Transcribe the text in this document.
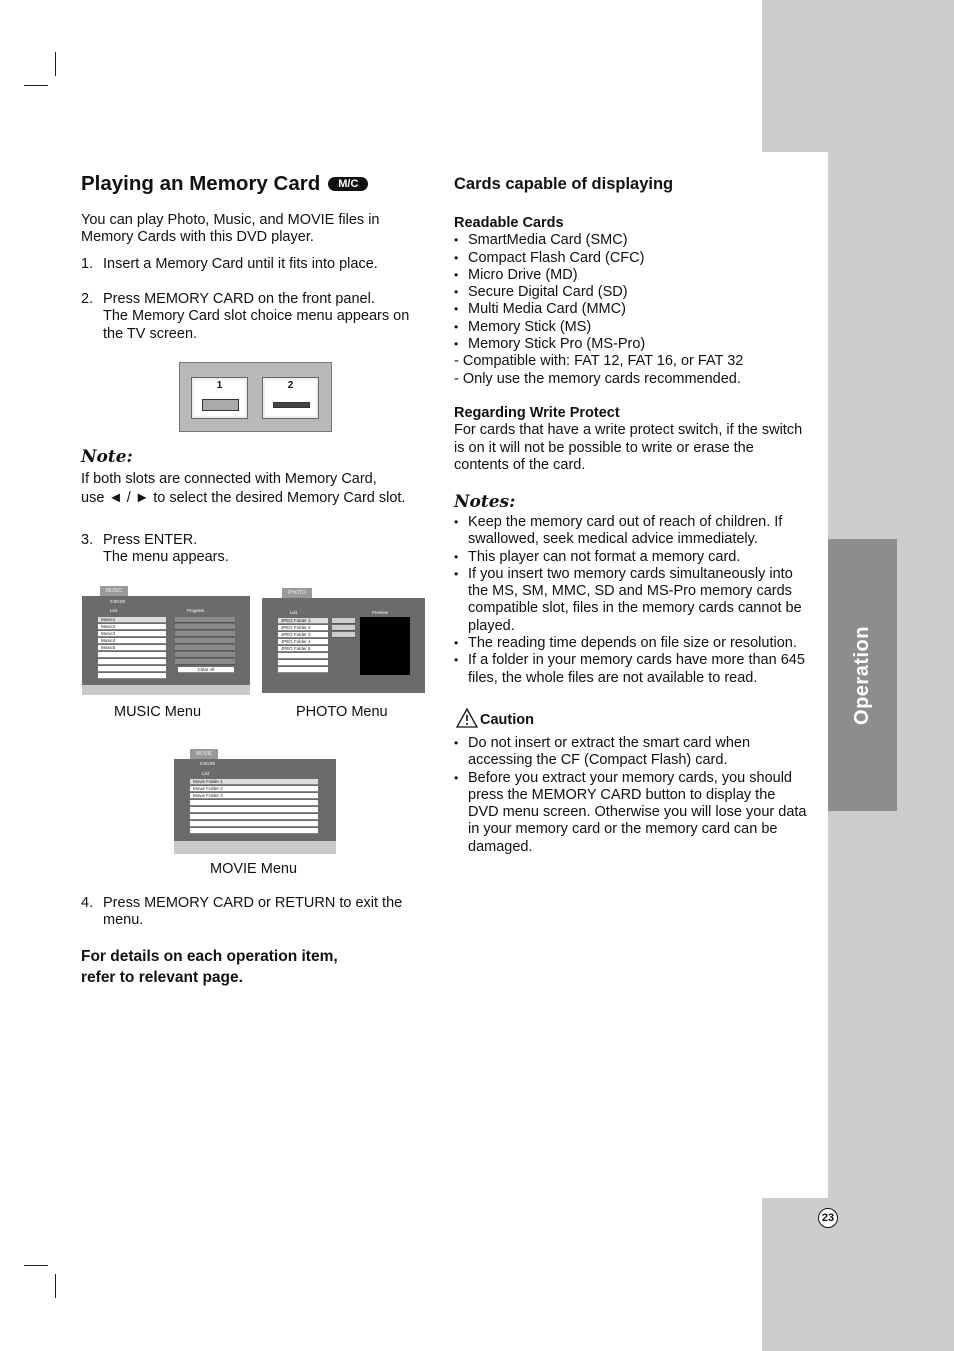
Operation
23
Playing an Memory Card	M/C
You can play Photo, Music, and MOVIE files in Memory Cards with this DVD player.
1. Insert a Memory Card until it fits into place.
2. Press MEMORY CARD on the front panel.
The Memory Card slot choice menu appears on the TV screen.
1	2
Note:
If both slots are connected with Memory Card,
use ◄ / ► to select the desired Memory Card slot.
3. Press ENTER.
The menu appears.
MUSIC
0:00:00
List	Program
Music1
Music2
Music3
Music4
Music5
Clear All
PHOTO
List	Preview
JPEG Folder 1
JPEG Folder 2
JPEG Folder 3
JPEG Folder 4
JPEG Folder 5
MUSIC Menu	PHOTO Menu
MOVIE
0:00:00
List
Movie Folder 1
Movie Folder 2
Movie Folder 3
MOVIE Menu
4. Press MEMORY CARD or RETURN to exit the menu.
For details on each operation item,
refer to relevant page.
Cards capable of displaying
Readable Cards
• SmartMedia Card (SMC)
• Compact Flash Card (CFC)
• Micro Drive (MD)
• Secure Digital Card (SD)
• Multi Media Card (MMC)
• Memory Stick (MS)
• Memory Stick Pro (MS-Pro)
- Compatible with: FAT 12, FAT 16, or FAT 32
- Only use the memory cards recommended.
Regarding Write Protect
For cards that have a write protect switch, if the switch is on it will not be possible to write or erase the contents of the card.
Notes:
• Keep the memory card out of reach of children. If swallowed, seek medical advice immediately.
• This player can not format a memory card.
• If you insert two memory cards simultaneously into the MS, SM, MMC, SD and MS-Pro memory cards compatible slot, files in the memory cards cannot be played.
• The reading time depends on file size or resolution.
• If a folder in your memory cards have more than 645 files, the whole files are not available to read.
Caution
• Do not insert or extract the smart card when accessing the CF (Compact Flash) card.
• Before you extract your memory cards, you should press the MEMORY CARD button to display the DVD menu screen. Otherwise you will lose your data in your memory card or the memory card can be damaged.
